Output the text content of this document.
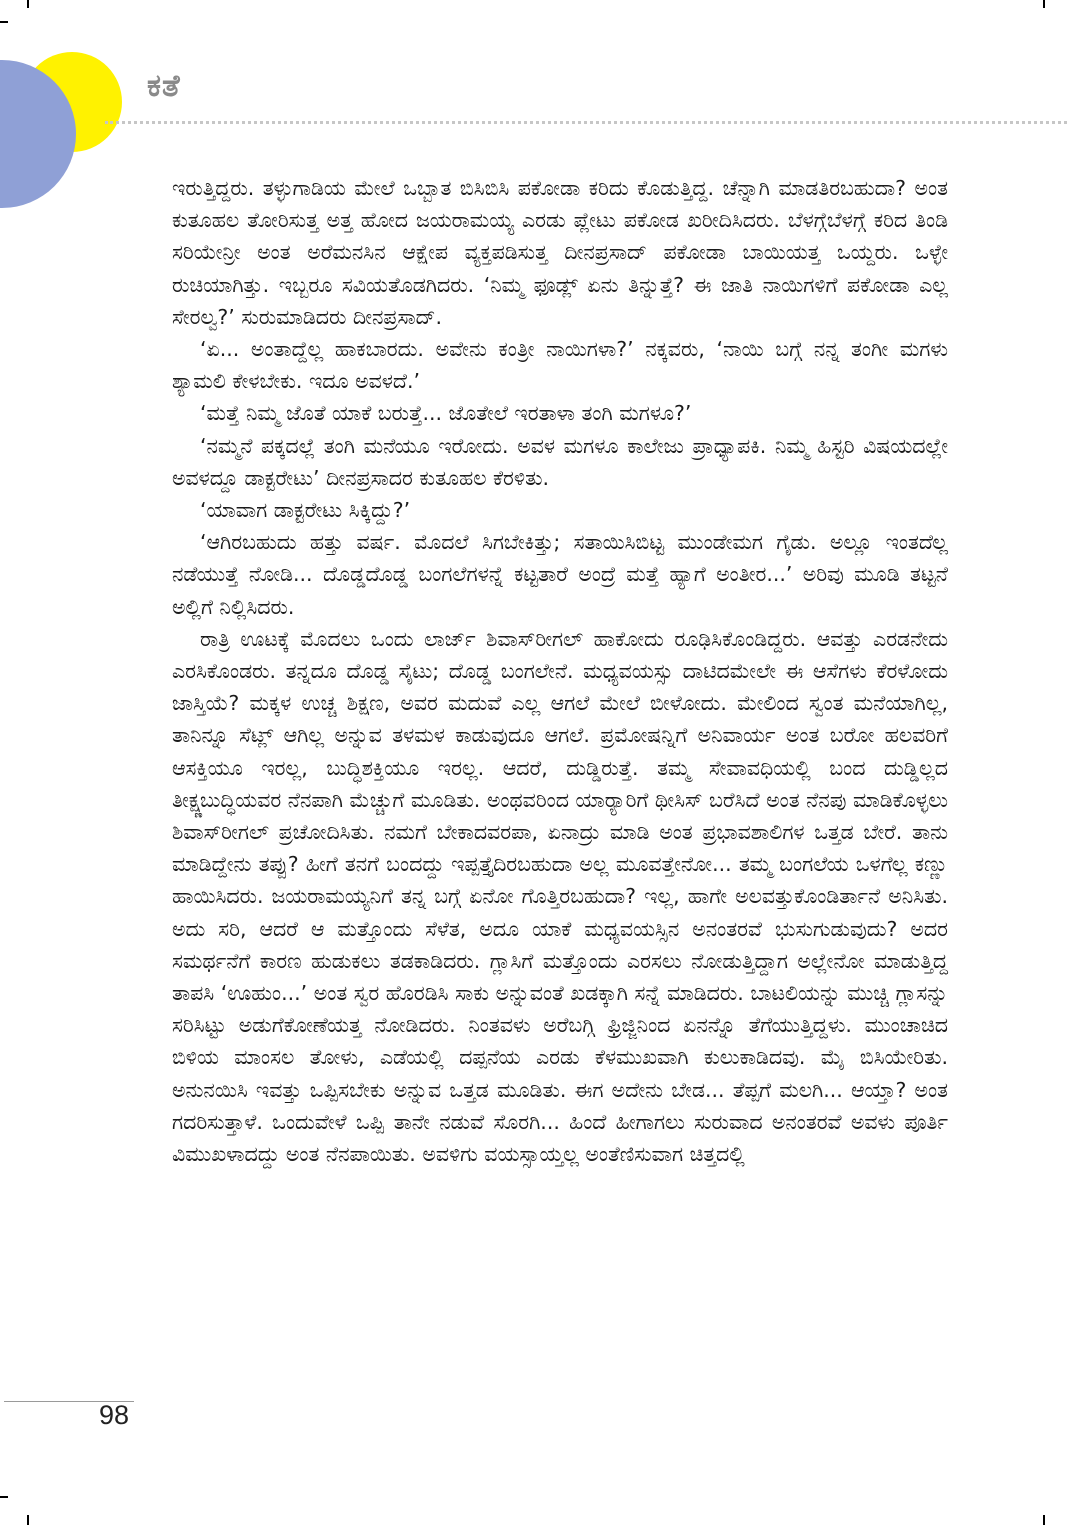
ಕತೆ

ಇರುತ್ತಿದ್ದರು. ತಳ್ಳುಗಾಡಿಯ ಮೇಲೆ ಒಬ್ಬಾತ ಬಿಸಿಬಿಸಿ ಪಕೋಡಾ ಕರಿದು ಕೊಡುತ್ತಿದ್ದ. ಚೆನ್ನಾಗಿ ಮಾಡತಿರಬಹುದಾ? ಅಂತ ಕುತೂಹಲ ತೋರಿಸುತ್ತ ಅತ್ತ ಹೋದ ಜಯರಾಮಯ್ಯ ಎರಡು ಪ್ಲೇಟು ಪಕೋಡ ಖರೀದಿಸಿದರು. ಬೆಳಗ್ಗೆಬೆಳಗ್ಗೆ ಕರಿದ ತಿಂಡಿ ಸರಿಯೇನ್ರೀ ಅಂತ ಅರೆಮನಸಿನ ಆಕ್ಷೇಪ ವ್ಯಕ್ತಪಡಿಸುತ್ತ ದೀನಪ್ರಸಾದ್ ಪಕೋಡಾ ಬಾಯಿಯತ್ತ ಒಯ್ದರು. ಒಳ್ಳೇ ರುಚಿಯಾಗಿತ್ತು. ಇಬ್ಬರೂ ಸವಿಯತೊಡಗಿದರು. ‘ನಿಮ್ಮ ಫೂಡ್ಲ್ ಏನು ತಿನ್ನುತ್ತೆ? ಈ ಜಾತಿ ನಾಯಿಗಳಿಗೆ ಪಕೋಡಾ ಎಲ್ಲ ಸೇರಲ್ವ?’ ಸುರುಮಾಡಿದರು ದೀನಪ್ರಸಾದ್.

‘ಏ... ಅಂತಾದ್ದೆಲ್ಲ ಹಾಕಬಾರದು. ಅವೇನು ಕಂತ್ರೀ ನಾಯಿಗಳಾ?’ ನಕ್ಕವರು, ‘ನಾಯಿ ಬಗ್ಗೆ ನನ್ನ ತಂಗೀ ಮಗಳು ಶ್ಯಾಮಲಿ ಕೇಳಬೇಕು. ಇದೂ ಅವಳದೆ.’

‘ಮತ್ತೆ ನಿಮ್ಮ ಜೊತೆ ಯಾಕೆ ಬರುತ್ತೆ... ಜೊತೇಲೆ ಇರತಾಳಾ ತಂಗಿ ಮಗಳೂ?’

‘ನಮ್ಮನೆ ಪಕ್ಕದಲ್ಲೆ ತಂಗಿ ಮನೆಯೂ ಇರೋದು. ಅವಳ ಮಗಳೂ ಕಾಲೇಜು ಪ್ರಾಧ್ಯಾಪಕಿ. ನಿಮ್ಮ ಹಿಸ್ಟರಿ ವಿಷಯದಲ್ಲೇ ಅವಳದ್ದೂ ಡಾಕ್ಟರೇಟು’ ದೀನಪ್ರಸಾದರ ಕುತೂಹಲ ಕೆರಳಿತು.

‘ಯಾವಾಗ ಡಾಕ್ಟರೇಟು ಸಿಕ್ಕಿದ್ದು?’

‘ಆಗಿರಬಹುದು ಹತ್ತು ವರ್ಷ. ಮೊದಲೆ ಸಿಗಬೇಕಿತ್ತು; ಸತಾಯಿಸಿಬಿಟ್ಟ ಮುಂಡೇಮಗ ಗೈಡು. ಅಲ್ಲೂ ಇಂತದೆಲ್ಲ ನಡೆಯುತ್ತೆ ನೋಡಿ... ದೊಡ್ಡದೊಡ್ಡ ಬಂಗಲೆಗಳನ್ನೆ ಕಟ್ಟತಾರೆ ಅಂದ್ರೆ ಮತ್ತೆ ಹ್ಯಾಗೆ ಅಂತೀರ...’ ಅರಿವು ಮೂಡಿ ತಟ್ಟನೆ ಅಲ್ಲಿಗೆ ನಿಲ್ಲಿಸಿದರು.

ರಾತ್ರಿ ಊಟಕ್ಕೆ ಮೊದಲು ಒಂದು ಲಾರ್ಜ್ ಶಿವಾಸ್‌ರೀಗಲ್ ಹಾಕೋದು ರೂಢಿಸಿಕೊಂಡಿದ್ದರು. ಆವತ್ತು ಎರಡನೇದು ಎರಸಿಕೊಂಡರು. ತನ್ನದೂ ದೊಡ್ಡ ಸೈಟು; ದೊಡ್ಡ ಬಂಗಲೇನೆ. ಮಧ್ಯವಯಸ್ಸು ದಾಟಿದಮೇಲೇ ಈ ಆಸೆಗಳು ಕೆರಳೋದು ಜಾಸ್ತಿಯೆ? ಮಕ್ಕಳ ಉಚ್ಚ ಶಿಕ್ಷಣ, ಅವರ ಮದುವೆ ಎಲ್ಲ ಆಗಲೆ ಮೇಲೆ ಬೀಳೋದು. ಮೇಲಿಂದ ಸ್ವಂತ ಮನೆಯಾಗಿಲ್ಲ, ತಾನಿನ್ನೂ ಸೆಟ್ಲ್ ಆಗಿಲ್ಲ ಅನ್ನುವ ತಳಮಳ ಕಾಡುವುದೂ ಆಗಲೆ. ಪ್ರಮೋಷನ್ನಿಗೆ ಅನಿವಾರ್ಯ ಅಂತ ಬರೋ ಹಲವರಿಗೆ ಆಸಕ್ತಿಯೂ ಇರಲ್ಲ, ಬುದ್ಧಿಶಕ್ತಿಯೂ ಇರಲ್ಲ. ಆದರೆ, ದುಡ್ಡಿರುತ್ತೆ. ತಮ್ಮ ಸೇವಾವಧಿಯಲ್ಲಿ ಬಂದ ದುಡ್ಡಿಲ್ಲದ ತೀಕ್ಷ್ಣಬುದ್ಧಿಯವರ ನೆನಪಾಗಿ ಮೆಚ್ಚುಗೆ ಮೂಡಿತು. ಅಂಥವರಿಂದ ಯಾರ್‍ಯಾರಿಗೆ ಥೀಸಿಸ್ ಬರೆಸಿದೆ ಅಂತ ನೆನಪು ಮಾಡಿಕೊಳ್ಳಲು ಶಿವಾಸ್‌ರೀಗಲ್ ಪ್ರಚೋದಿಸಿತು. ನಮಗೆ ಬೇಕಾದವರಪಾ, ಏನಾದ್ರು ಮಾಡಿ ಅಂತ ಪ್ರಭಾವಶಾಲಿಗಳ ಒತ್ತಡ ಬೇರೆ. ತಾನು ಮಾಡಿದ್ದೇನು ತಪ್ಪು? ಹೀಗೆ ತನಗೆ ಬಂದದ್ದು ಇಪ್ಪತ್ತೈದಿರಬಹುದಾ ಅಲ್ಲ ಮೂವತ್ತೇನೋ... ತಮ್ಮ ಬಂಗಲೆಯ ಒಳಗೆಲ್ಲ ಕಣ್ಣು ಹಾಯಿಸಿದರು. ಜಯರಾಮಯ್ಯನಿಗೆ ತನ್ನ ಬಗ್ಗೆ ಏನೋ ಗೊತ್ತಿರಬಹುದಾ? ಇಲ್ಲ, ಹಾಗೇ ಅಲವತ್ತುಕೊಂಡಿರ್ತಾನೆ ಅನಿಸಿತು. ಅದು ಸರಿ, ಆದರೆ ಆ ಮತ್ತೊಂದು ಸೆಳೆತ, ಅದೂ ಯಾಕೆ ಮಧ್ಯವಯಸ್ಸಿನ ಅನಂತರವೆ ಭುಸುಗುಡುವುದು? ಅದರ ಸಮರ್ಥನೆಗೆ ಕಾರಣ ಹುಡುಕಲು ತಡಕಾಡಿದರು. ಗ್ಲಾಸಿಗೆ ಮತ್ತೊಂದು ಎರಸಲು ನೋಡುತ್ತಿದ್ದಾಗ ಅಲ್ಲೇನೋ ಮಾಡುತ್ತಿದ್ದ ತಾಪಸಿ ‘ಊಹುಂ...’ ಅಂತ ಸ್ವರ ಹೊರಡಿಸಿ ಸಾಕು ಅನ್ನುವಂತೆ ಖಡಕ್ಕಾಗಿ ಸನ್ನೆ ಮಾಡಿದರು. ಬಾಟಲಿಯನ್ನು ಮುಚ್ಚಿ ಗ್ಲಾಸನ್ನು ಸರಿಸಿಟ್ಟು ಅಡುಗೆಕೋಣೆಯತ್ತ ನೋಡಿದರು. ನಿಂತವಳು ಅರೆಬಗ್ಗಿ ಫ್ರಿಜ್ಜಿನಿಂದ ಏನನ್ನೊ ತೆಗೆಯುತ್ತಿದ್ದಳು. ಮುಂಚಾಚಿದ ಬಿಳಿಯ ಮಾಂಸಲ ತೋಳು, ಎಡೆಯಲ್ಲಿ ದಪ್ಪನೆಯ ಎರಡು ಕೆಳಮುಖವಾಗಿ ಕುಲುಕಾಡಿದವು. ಮೈ ಬಿಸಿಯೇರಿತು. ಅನುನಯಿಸಿ ಇವತ್ತು ಒಪ್ಪಿಸಬೇಕು ಅನ್ನುವ ಒತ್ತಡ ಮೂಡಿತು. ಈಗ ಅದೇನು ಬೇಡ... ತೆಪ್ಪಗೆ ಮಲಗಿ... ಆಯ್ತಾ? ಅಂತ ಗದರಿಸುತ್ತಾಳೆ. ಒಂದುವೇಳೆ ಒಪ್ಪಿ ತಾನೇ ನಡುವೆ ಸೊರಗಿ... ಹಿಂದೆ ಹೀಗಾಗಲು ಸುರುವಾದ ಅನಂತರವೆ ಅವಳು ಪೂರ್ತಿ ವಿಮುಖಳಾದದ್ದು ಅಂತ ನೆನಪಾಯಿತು. ಅವಳಿಗು ವಯಸ್ಸಾಯ್ತಲ್ಲ ಅಂತೆಣಿಸುವಾಗ ಚಿತ್ತದಲ್ಲಿ

98
